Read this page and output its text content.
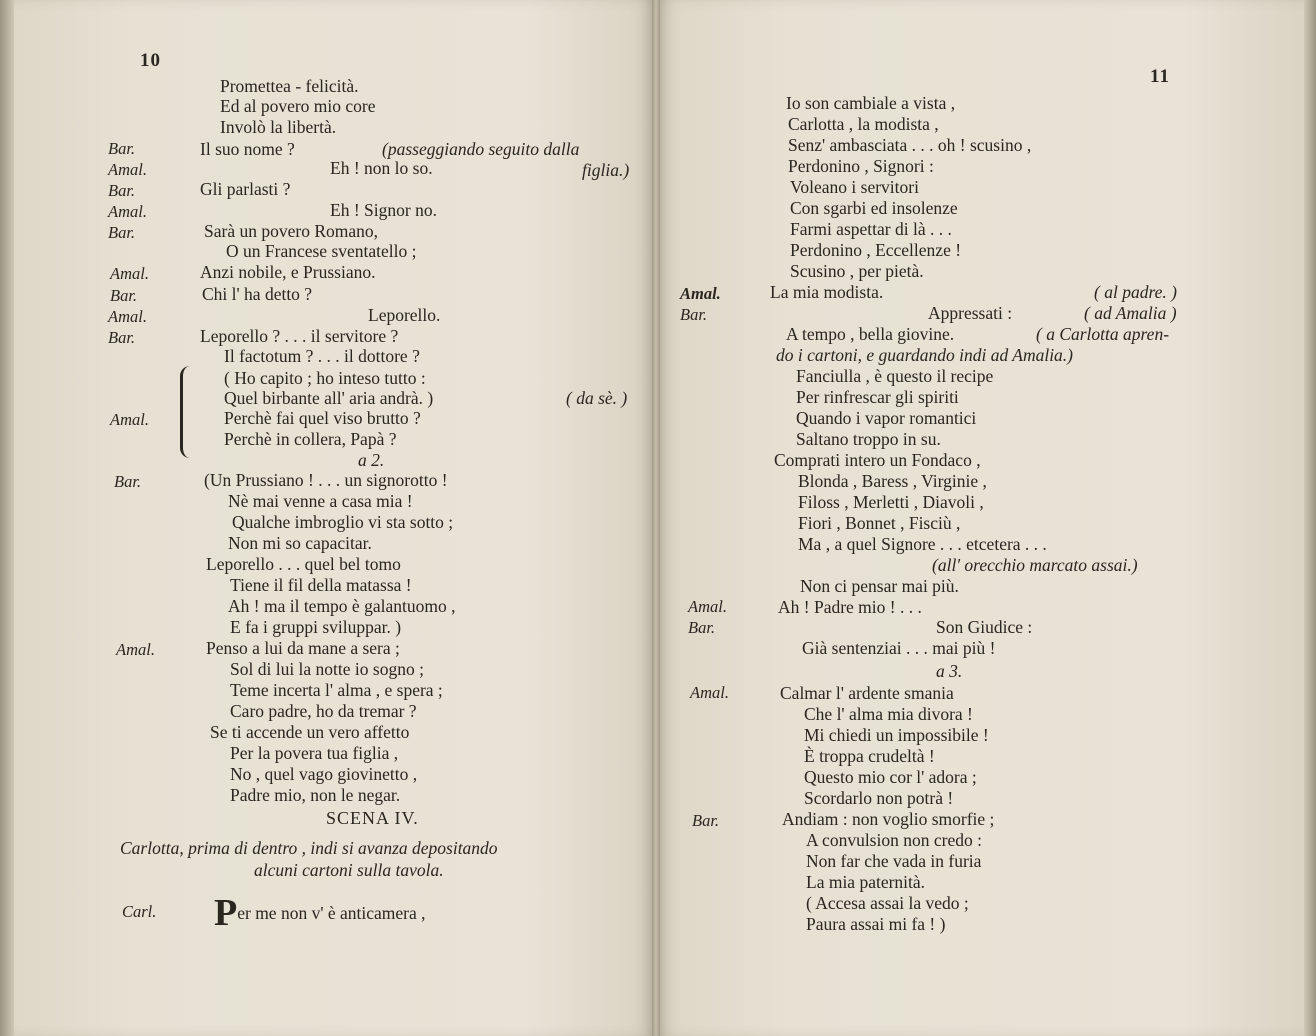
10
Promettea - felicità.
Ed al povero mio core
Involò la libertà.
Bar.	Il suo nome ?	(passeggiando seguito dalla
Amal.	Eh ! non lo so.	figlia.)
Bar.	Gli parlasti ?
Amal.	Eh ! Signor no.
Bar.	Sarà un povero Romano,
O un Francese sventatello ;
Amal.	Anzi nobile, e Prussiano.
Bar.	Chi l' ha detto ?
Amal.	Leporello.
Bar.	Leporello ? . . . il servitore ?
Il factotum ? . . . il dottore ?
( Ho capito ; ho inteso tutto :
Quel birbante all' aria andrà. )	( da sè. )
Amal.	Perchè fai quel viso brutto ?
Perchè in collera, Papà ?
a 2.
Bar.	(Un Prussiano ! . . . un signorotto !
Nè mai venne a casa mia !
Qualche imbroglio vi sta sotto ;
Non mi so capacitar.
Leporello . . . quel bel tomo
Tiene il fil della matassa !
Ah ! ma il tempo è galantuomo ,
E fa i gruppi sviluppar. )
Amal.	Penso a lui da mane a sera ;
Sol di lui la notte io sogno ;
Teme incerta l' alma , e spera ;
Caro padre, ho da tremar ?
Se ti accende un vero affetto
Per la povera tua figlia ,
No , quel vago giovinetto ,
Padre mio, non le negar.
SCENA IV.
Carlotta, prima di dentro , indi si avanza depositando
alcuni cartoni sulla tavola.
Carl. Per me non v' è anticamera ,
11
Io son cambiale a vista ,
Carlotta , la modista ,
Senz' ambasciata . . . oh ! scusino ,
Perdonino , Signori :
Voleano i servitori
Con sgarbi ed insolenze
Farmi aspettar di là . . .
Perdonino , Eccellenze !
Scusino , per pietà.
Amal.	La mia modista.	( al padre. )
Bar.	Appressati :	( ad Amalia )
A tempo , bella giovine.	( a Carlotta apren-
do i cartoni, e guardando indi ad Amalia.)
Fanciulla , è questo il recipe
Per rinfrescar gli spiriti
Quando i vapor romantici
Saltano troppo in su.
Comprati intero un Fondaco ,
Blonda , Baress , Virginie ,
Filoss , Merletti , Diavoli ,
Fiori , Bonnet , Fisciù ,
Ma , a quel Signore . . . etcetera . . .
(all' orecchio marcato assai.)
Non ci pensar mai più.
Amal.	Ah ! Padre mio ! . . .
Bar.	Son Giudice :
Già sentenziai . . . mai più !
a 3.
Amal.	Calmar l' ardente smania
Che l' alma mia divora !
Mi chiedi un impossibile !
È troppa crudeltà !
Questo mio cor l' adora ;
Scordarlo non potrà !
Bar.	Andiam : non voglio smorfie ;
A convulsion non credo :
Non far che vada in furia
La mia paternità.
( Accesa assai la vedo ;
Paura assai mi fa ! )
